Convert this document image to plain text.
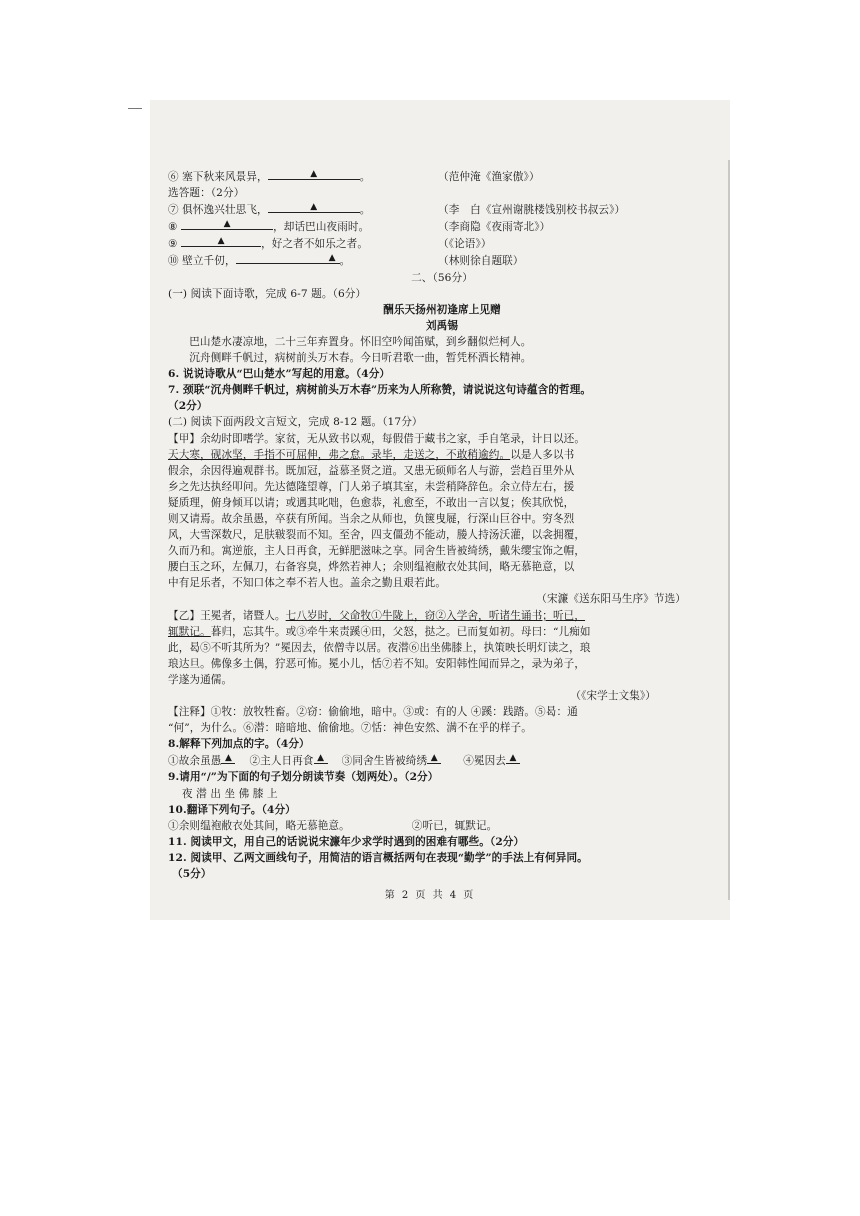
⑥ 塞下秋来风景异，	▲	。	（范仲淹《渔家傲》）
选答题：（2分）
⑦ 俱怀逸兴壮思飞，	▲	。	（李　白《宣州谢朓楼饯别校书叔云》）
⑧	▲	，却话巴山夜雨时。	（李商隐《夜雨寄北》）
⑨	▲	，好之者不如乐之者。	（《论语》）
⑩ 壁立千仞，	▲ 。	（林则徐自题联）
二、（56分）
(一) 阅读下面诗歌，完成 6-7 题。（6分）
酬乐天扬州初逢席上见赠
刘禹锡
巴山楚水凄凉地，二十三年弃置身。怀旧空吟闻笛赋，到乡翻似烂柯人。
沉舟侧畔千帆过，病树前头万木春。今日听君歌一曲，暂凭杯酒长精神。
6. 说说诗歌从“巴山楚水”写起的用意。（4分）
7. 颈联“沉舟侧畔千帆过，病树前头万木春”历来为人所称赞，请说说这句诗蕴含的哲理。
（2分）
(二) 阅读下面两段文言短文，完成 8-12 题。（17分）
【甲】余幼时即嗜学。家贫，无从致书以观，每假借于藏书之家，手自笔录，计日以还。
天大寒，砚冰坚，手指不可屈伸，弗之怠。录毕，走送之，不敢稍逾约。以是人多以书
假余，余因得遍观群书。既加冠，益慕圣贤之道。又患无硕师名人与游，尝趋百里外从
乡之先达执经叩问。先达德隆望尊，门人弟子填其室，未尝稍降辞色。余立侍左右，援
疑质理，俯身倾耳以请；或遇其叱咄，色愈恭，礼愈至，不敢出一言以复；俟其欣悦，
则又请焉。故余虽愚，卒获有所闻。当余之从师也，负箧曳屣，行深山巨谷中。穷冬烈
风，大雪深数尺，足肤皲裂而不知。至舍，四支僵劲不能动，媵人持汤沃灌，以衾拥覆，
久而乃和。寓逆旅，主人日再食，无鲜肥滋味之享。同舍生皆被绮绣，戴朱缨宝饰之帽，
腰白玉之环，左佩刀，右备容臭，烨然若神人；余则缊袍敝衣处其间，略无慕艳意，以
中有足乐者，不知口体之奉不若人也。盖余之勤且艰若此。
（宋濂《送东阳马生序》节选）
【乙】王冕者，诸暨人。七八岁时，父命牧①牛陇上，窃②入学舍，听诸生诵书；听已，
辄默记。暮归，忘其牛。或③牵牛来责蹊④田，父怒，挞之。已而复如初。母曰：“儿痴如
此，曷⑤不听其所为？”冕因去，依僧寺以居。夜潜⑥出坐佛膝上，执策映长明灯读之，琅
琅达旦。佛像多土偶，狞恶可怖。冕小儿，恬⑦若不知。安阳韩性闻而异之，录为弟子，
学遂为通儒。
（《宋学士文集》）
【注释】①牧：放牧牲畜。②窃：偷偷地，暗中。③或：有的人 ④蹊：践踏。⑤曷：通
“何”，为什么。⑥潜：暗暗地、偷偷地。⑦恬：神色安然、满不在乎的样子。
8.解释下列加点的字。（4分）
①故余虽愚 ▲ ②主人日再食 ▲ ③同舍生皆被绮绣 ▲ ④冕因去 ▲
9.请用“/”为下面的句子划分朗读节奏（划两处）。（2分）
夜 潜 出 坐 佛 膝 上
10.翻译下列句子。（4分）
①余则缊袍敝衣处其间，略无慕艳意。	②听已，辄默记。
11. 阅读甲文，用自己的话说说宋濂年少求学时遇到的困难有哪些。（2分）
12. 阅读甲、乙两文画线句子，用简洁的语言概括两句在表现“勤学”的手法上有何异同。
（5分）
第 2 页 共 4 页
